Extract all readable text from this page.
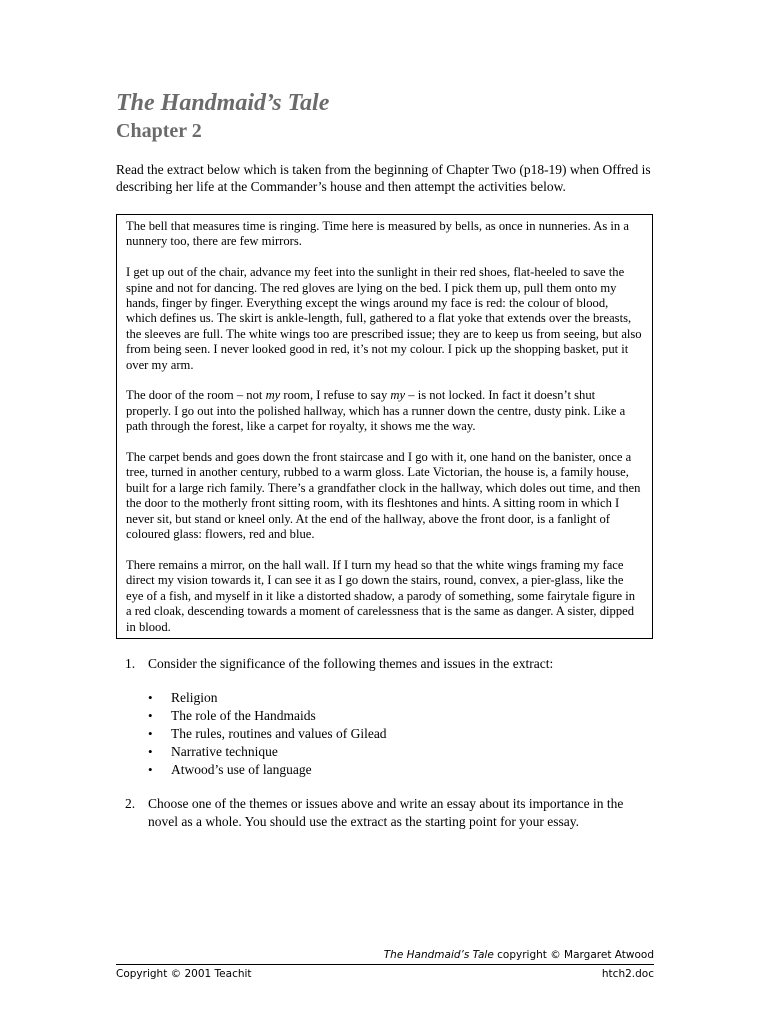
The Handmaid’s Tale
Chapter 2

Read the extract below which is taken from the beginning of Chapter Two (p18-19) when Offred is describing her life at the Commander’s house and then attempt the activities below.

The bell that measures time is ringing. Time here is measured by bells, as once in nunneries. As in a nunnery too, there are few mirrors.

I get up out of the chair, advance my feet into the sunlight in their red shoes, flat-heeled to save the spine and not for dancing. The red gloves are lying on the bed. I pick them up, pull them onto my hands, finger by finger. Everything except the wings around my face is red: the colour of blood, which defines us. The skirt is ankle-length, full, gathered to a flat yoke that extends over the breasts, the sleeves are full. The white wings too are prescribed issue; they are to keep us from seeing, but also from being seen. I never looked good in red, it’s not my colour. I pick up the shopping basket, put it over my arm.

The door of the room – not my room, I refuse to say my – is not locked. In fact it doesn’t shut properly. I go out into the polished hallway, which has a runner down the centre, dusty pink. Like a path through the forest, like a carpet for royalty, it shows me the way.

The carpet bends and goes down the front staircase and I go with it, one hand on the banister, once a tree, turned in another century, rubbed to a warm gloss. Late Victorian, the house is, a family house, built for a large rich family. There’s a grandfather clock in the hallway, which doles out time, and then the door to the motherly front sitting room, with its fleshtones and hints. A sitting room in which I never sit, but stand or kneel only. At the end of the hallway, above the front door, is a fanlight of coloured glass: flowers, red and blue.

There remains a mirror, on the hall wall. If I turn my head so that the white wings framing my face direct my vision towards it, I can see it as I go down the stairs, round, convex, a pier-glass, like the eye of a fish, and myself in it like a distorted shadow, a parody of something, some fairytale figure in a red cloak, descending towards a moment of carelessness that is the same as danger. A sister, dipped in blood.

1. Consider the significance of the following themes and issues in the extract:
•	Religion
•	The role of the Handmaids
•	The rules, routines and values of Gilead
•	Narrative technique
•	Atwood’s use of language
2. Choose one of the themes or issues above and write an essay about its importance in the novel as a whole. You should use the extract as the starting point for your essay.
The Handmaid’s Tale copyright © Margaret Atwood
Copyright © 2001 Teachit	htch2.doc
